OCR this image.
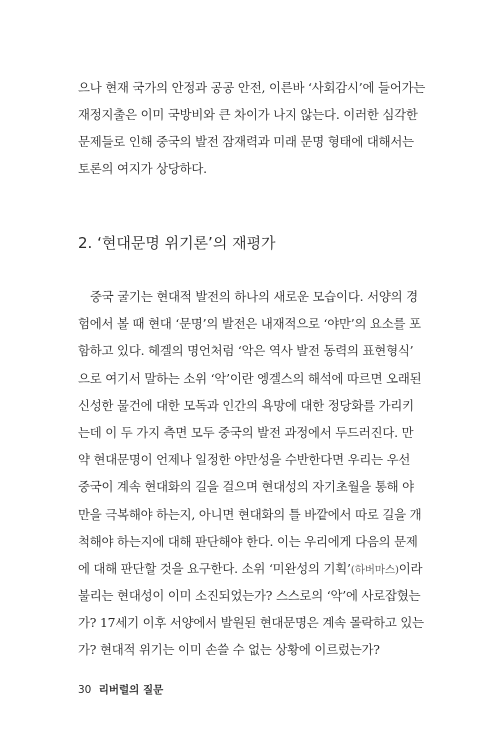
으나 현재 국가의 안정과 공공 안전, 이른바 ‘사회감시’에 들어가는
재정지출은 이미 국방비와 큰 차이가 나지 않는다. 이러한 심각한
문제들로 인해 중국의 발전 잠재력과 미래 문명 형태에 대해서는
토론의 여지가 상당하다.
2. ‘현대문명 위기론’의 재평가
중국 굴기는 현대적 발전의 하나의 새로운 모습이다. 서양의 경
험에서 볼 때 현대 ‘문명’의 발전은 내재적으로 ‘야만’의 요소를 포
함하고 있다. 헤겔의 명언처럼 ‘악은 역사 발전 동력의 표현형식’
으로 여기서 말하는 소위 ‘악’이란 엥겔스의 해석에 따르면 오래된
신성한 물건에 대한 모독과 인간의 욕망에 대한 정당화를 가리키
는데 이 두 가지 측면 모두 중국의 발전 과정에서 두드러진다. 만
약 현대문명이 언제나 일정한 야만성을 수반한다면 우리는 우선
중국이 계속 현대화의 길을 걸으며 현대성의 자기초월을 통해 야
만을 극복해야 하는지, 아니면 현대화의 틀 바깥에서 따로 길을 개
척해야 하는지에 대해 판단해야 한다. 이는 우리에게 다음의 문제
에 대해 판단할 것을 요구한다. 소위 ‘미완성의 기획’(하버마스)이라
불리는 현대성이 이미 소진되었는가? 스스로의 ‘악’에 사로잡혔는
가? 17세기 이후 서양에서 발원된 현대문명은 계속 몰락하고 있는
가? 현대적 위기는 이미 손쓸 수 없는 상황에 이르렀는가?
30 리버럴의 질문
